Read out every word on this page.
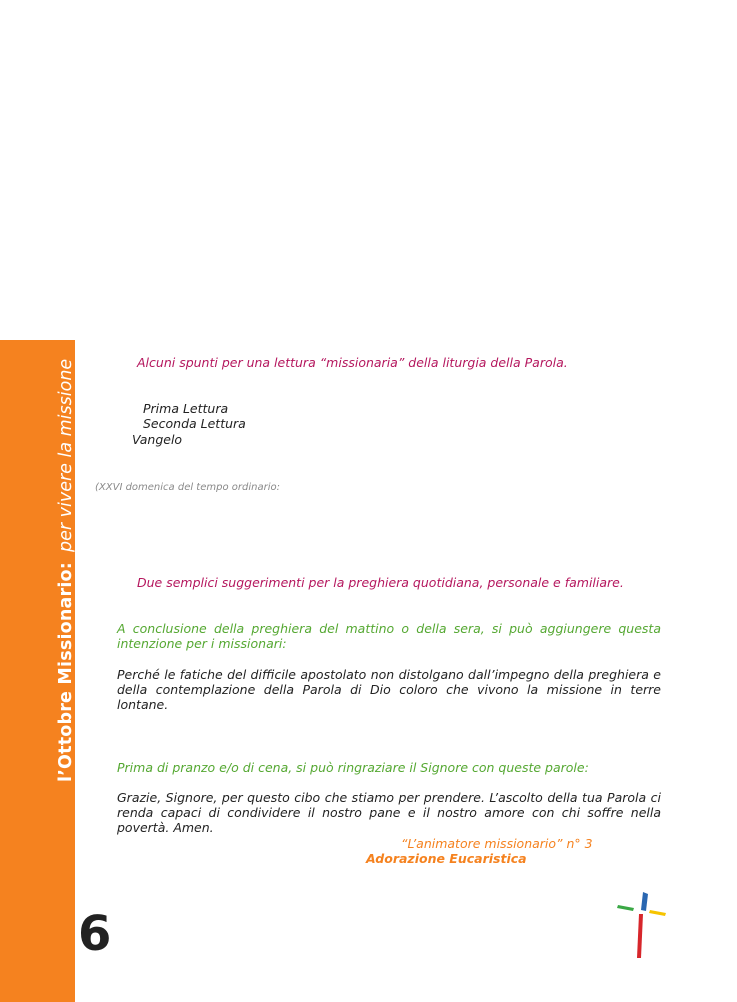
l’Ottobre Missionario:per vivere la missione
6
Alcuni spunti per una lettura “missionaria” della liturgia della Parola.
Prima Lettura
Seconda Lettura
Vangelo
(XXVI domenica del tempo ordinario:
Due semplici suggerimenti per la preghiera quotidiana, personale e familiare.
A conclusione della preghiera del mattino o della sera, si può aggiungere questa intenzione per i missionari:
Perché le fatiche del difficile apostolato non distolgano dall’impegno della preghiera e della contemplazione della Parola di Dio coloro che vivono la missione in terre lontane.
Prima di pranzo e/o di cena, si può ringraziare il Signore con queste parole:
Grazie, Signore, per questo cibo che stiamo per prendere. L’ascolto della tua Parola ci renda capaci di condividere il nostro pane e il nostro amore con chi soffre nella povertà. Amen.
“L’animatore missionario” n° 3
Adorazione Eucaristica
